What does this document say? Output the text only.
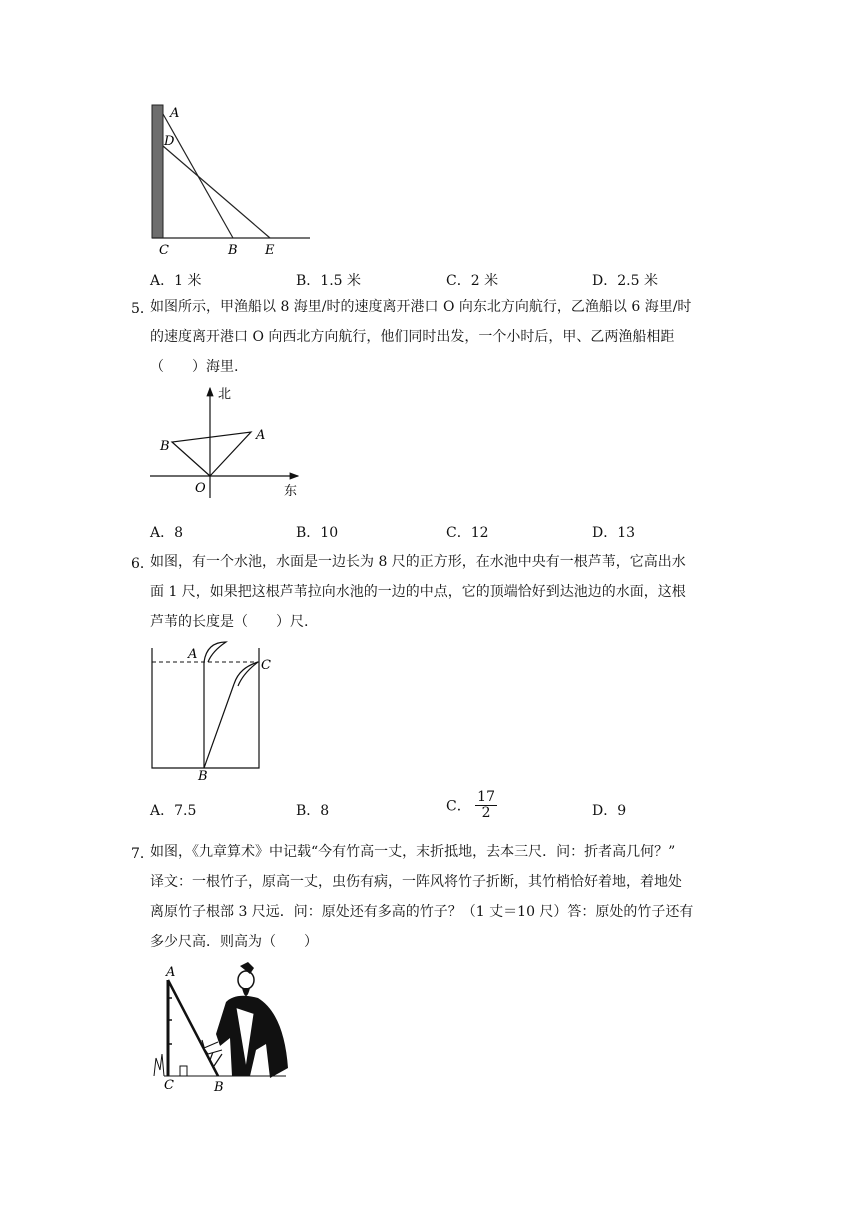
A
D
C	B E
A．1 米	B．1.5 米	C．2 米	D．2.5 米
5．
如图所示，甲渔船以 8 海里/时的速度离开港口 O 向东北方向航行，乙渔船以 6 海里/时
的速度离开港口 O 向西北方向航行，他们同时出发，一个小时后，甲、乙两渔船相距
（　　）海里.
北
东
O
A
B
A．8	B．10	C．12	D．13
6．
如图，有一个水池，水面是一边长为 8 尺的正方形，在水池中央有一根芦苇，它高出水
面 1 尺，如果把这根芦苇拉向水池的一边的中点，它的顶端恰好到达池边的水面，这根
芦苇的长度是（　　）尺.
A
C
B
A．7.5	B．8	C． $\frac{17}{2}$	D．9
7．
如图，《九章算术》中记载“今有竹高一丈，末折抵地，去本三尺．问：折者高几何？”
译文：一根竹子，原高一丈，虫伤有病，一阵风将竹子折断，其竹梢恰好着地，着地处
离原竹子根部 3 尺远．问：原处还有多高的竹子？（1 丈＝10 尺）答：原处的竹子还有
多少尺高．则高为（　　）
A
C	B
